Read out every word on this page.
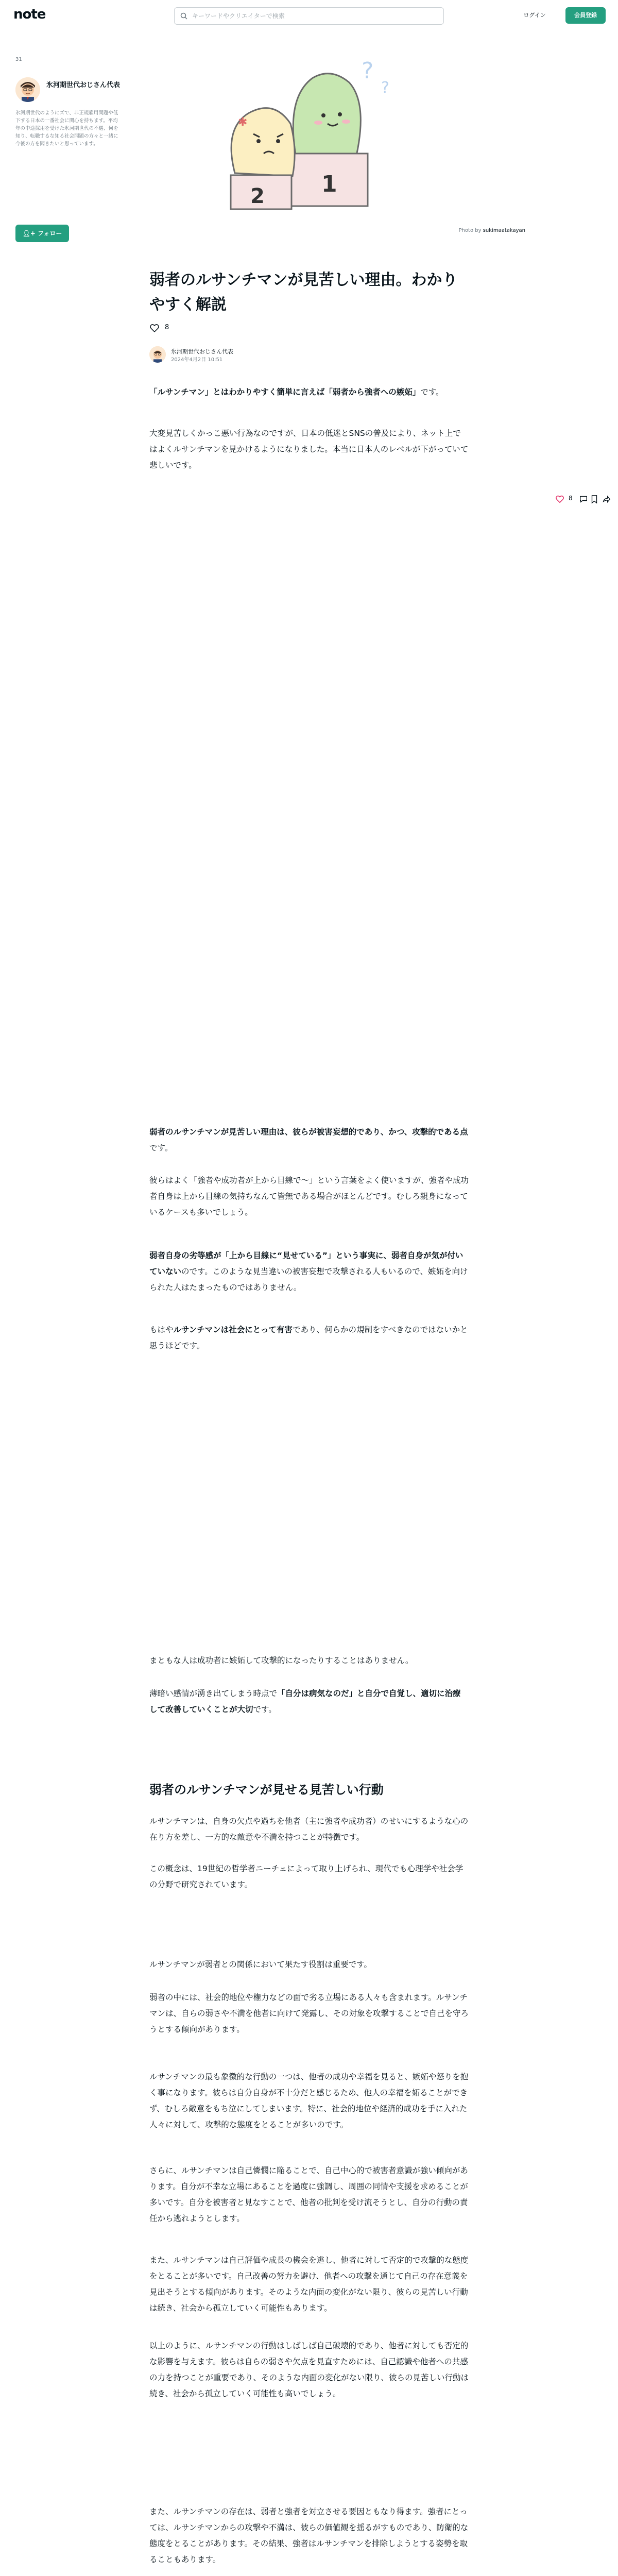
note
キーワードやクリエイターで検索	ログイン	会員登録
31
氷河期世代おじさん代表
氷河期世代のようにズで、非正規雇用問題や低下する日本の一番社会に関心を持ちます。平均年の中途採用を受けた氷河期世代の不遇、何を知り、転職するな知る社会問題の方々と一緒に今後の方を聞きたいと思っています。
👤︎+ フォロー
?
?
1
✱
2
Photo by sukimaatakayan
弱者のルサンチマンが見苦しい理由。わかりやすく解説
8
氷河期世代おじさん代表
2024年4月2日 10:51
8

「ルサンチマン」とはわかりやすく簡単に言えば「弱者から強者への嫉妬」です。

大変見苦しくかっこ悪い行為なのですが、日本の低迷とSNSの普及により、ネット上ではよくルサンチマンを見かけるようになりました。本当に日本人のレベルが下がっていて悲しいです。

弱者のルサンチマンが見苦しい理由は、彼らが被害妄想的であり、かつ、攻撃的である点です。

彼らはよく「強者や成功者が上から目線で～」という言葉をよく使いますが、強者や成功者自身は上から目線の気持ちなんて皆無である場合がほとんどです。むしろ親身になっているケースも多いでしょう。

弱者自身の劣等感が「上から目線に“見せている”」という事実に、弱者自身が気が付いていないのです。このような見当違いの被害妄想で攻撃される人もいるので、嫉妬を向けられた人はたまったものではありません。

もはやルサンチマンは社会にとって有害であり、何らかの規制をすべきなのではないかと思うほどです。

まともな人は成功者に嫉妬して攻撃的になったりすることはありません。

薄暗い感情が湧き出てしまう時点で「自分は病気なのだ」と自分で自覚し、適切に治療して改善していくことが大切です。

弱者のルサンチマンが見せる見苦しい行動

ルサンチマンは、自身の欠点や過ちを他者（主に強者や成功者）のせいにするような心の在り方を差し、一方的な敵意や不満を持つことが特徴です。

この概念は、19世紀の哲学者ニーチェによって取り上げられ、現代でも心理学や社会学の分野で研究されています。

ルサンチマンが弱者との関係において果たす役割は重要です。

弱者の中には、社会的地位や権力などの面で劣る立場にある人々も含まれます。ルサンチマンは、自らの弱さや不満を他者に向けて発露し、その対象を攻撃することで自己を守ろうとする傾向があります。

ルサンチマンの最も象徴的な行動の一つは、他者の成功や幸福を見ると、嫉妬や怒りを抱く事になります。彼らは自分自身が不十分だと感じるため、他人の幸福を妬ることができず、むしろ敵意をもち泣にしてしまいます。特に、社会的地位や経済的成功を手に入れた人々に対して、攻撃的な態度をとることが多いのです。

さらに、ルサンチマンは自己憐憫に陥ることで、自己中心的で被害者意識が強い傾向があります。自分が不幸な立場にあることを過度に強調し、周囲の同情や支援を求めることが多いです。自分を被害者と見なすことで、他者の批判を受け流そうとし、自分の行動の責任から逃れようとします。

また、ルサンチマンは自己評価や成長の機会を逃し、他者に対して否定的で攻撃的な態度をとることが多いです。自己改善の努力を避け、他者への攻撃を通じて自己の存在意義を見出そうとする傾向があります。そのような内面の変化がない限り、彼らの見苦しい行動は続き、社会から孤立していく可能性もあります。

以上のように、ルサンチマンの行動はしばしば自己破壊的であり、他者に対しても否定的な影響を与えます。彼らは自らの弱さや欠点を見直すためには、自己認識や他者への共感の力を持つことが重要であり、そのような内面の変化がない限り、彼らの見苦しい行動は続き、社会から孤立していく可能性も高いでしょう。

また、ルサンチマンの存在は、弱者と強者を対立させる要因ともなり得ます。強者にとっては、ルサンチマンからの攻撃や不満は、彼らの価値観を揺るがすものであり、防衛的な態度をとることがあります。その結果、強者はルサンチマンを排除しようとする姿勢を取ることもあります。
